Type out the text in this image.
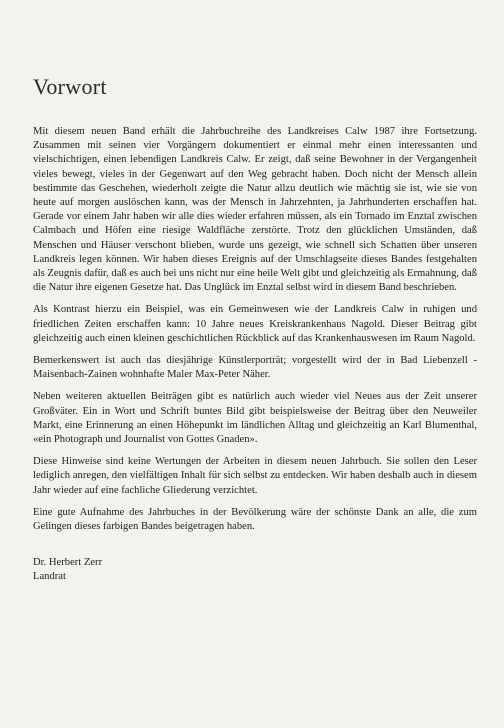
Vorwort

Mit diesem neuen Band erhält die Jahrbuchreihe des Landkreises Calw 1987 ihre Fortsetzung. Zusammen mit seinen vier Vorgängern dokumentiert er einmal mehr einen interessanten und vielschichtigen, einen lebendigen Landkreis Calw. Er zeigt, daß seine Bewohner in der Vergangenheit vieles bewegt, vieles in der Gegenwart auf den Weg gebracht haben. Doch nicht der Mensch allein bestimmte das Geschehen, wiederholt zeigte die Natur allzu deutlich wie mächtig sie ist, wie sie von heute auf morgen auslöschen kann, was der Mensch in Jahrzehnten, ja Jahrhunderten erschaffen hat. Gerade vor einem Jahr haben wir alle dies wieder erfahren müssen, als ein Tornado im Enztal zwischen Calmbach und Höfen eine riesige Waldfläche zerstörte. Trotz den glücklichen Umständen, daß Menschen und Häuser verschont blieben, wurde uns gezeigt, wie schnell sich Schatten über unseren Landkreis legen können. Wir haben dieses Ereignis auf der Umschlagseite dieses Bandes festgehalten als Zeugnis dafür, daß es auch bei uns nicht nur eine heile Welt gibt und gleichzeitig als Ermahnung, daß die Natur ihre eigenen Gesetze hat. Das Unglück im Enztal selbst wird in diesem Band beschrieben.

Als Kontrast hierzu ein Beispiel, was ein Gemeinwesen wie der Landkreis Calw in ruhigen und friedlichen Zeiten erschaffen kann: 10 Jahre neues Kreiskrankenhaus Nagold. Dieser Beitrag gibt gleichzeitig auch einen kleinen geschichtlichen Rückblick auf das Krankenhauswesen im Raum Nagold.

Bemerkenswert ist auch das diesjährige Künstlerporträt; vorgestellt wird der in Bad Liebenzell - Maisenbach-Zainen wohnhafte Maler Max-Peter Näher.

Neben weiteren aktuellen Beiträgen gibt es natürlich auch wieder viel Neues aus der Zeit unserer Großväter. Ein in Wort und Schrift buntes Bild gibt beispielsweise der Beitrag über den Neuweiler Markt, eine Erinnerung an einen Höhepunkt im ländlichen Alltag und gleichzeitig an Karl Blumenthal, «ein Photograph und Journalist von Gottes Gnaden».

Diese Hinweise sind keine Wertungen der Arbeiten in diesem neuen Jahrbuch. Sie sollen den Leser lediglich anregen, den vielfältigen Inhalt für sich selbst zu entdecken. Wir haben deshalb auch in diesem Jahr wieder auf eine fachliche Gliederung verzichtet.

Eine gute Aufnahme des Jahrbuches in der Bevölkerung wäre der schönste Dank an alle, die zum Gelingen dieses farbigen Bandes beigetragen haben.

Dr. Herbert Zerr
Landrat
